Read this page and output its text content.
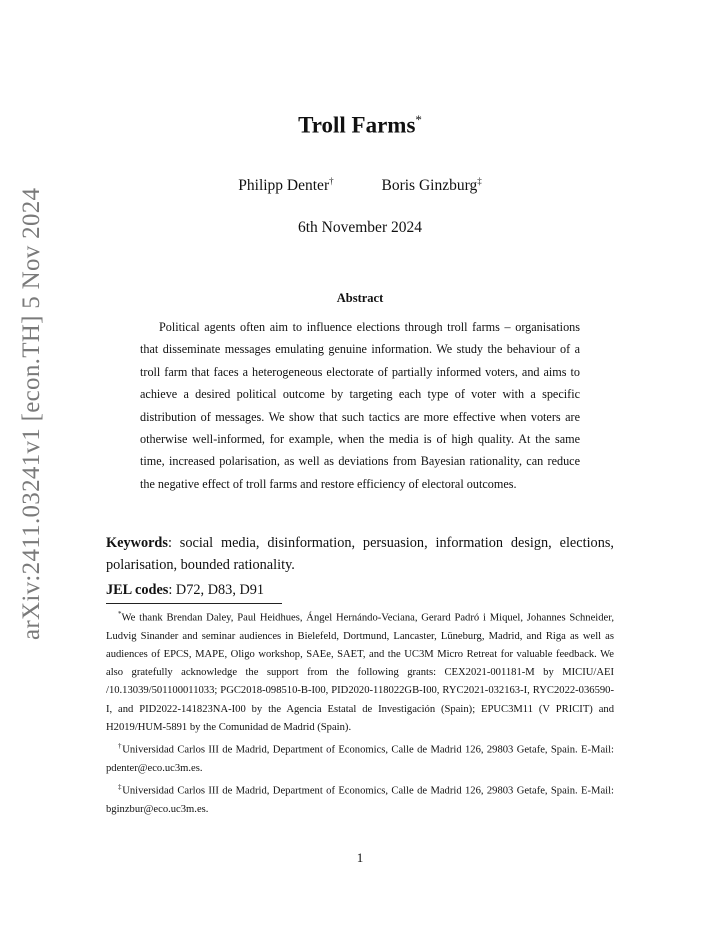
arXiv:2411.03241v1 [econ.TH] 5 Nov 2024
Troll Farms*
Philipp Denter†	Boris Ginzburg‡
6th November 2024
Abstract
Political agents often aim to influence elections through troll farms – organisations that disseminate messages emulating genuine information. We study the behaviour of a troll farm that faces a heterogeneous electorate of partially informed voters, and aims to achieve a desired political outcome by targeting each type of voter with a specific distribution of messages. We show that such tactics are more effective when voters are otherwise well-informed, for example, when the media is of high quality. At the same time, increased polarisation, as well as deviations from Bayesian rationality, can reduce the negative effect of troll farms and restore efficiency of electoral outcomes.
Keywords: social media, disinformation, persuasion, information design, elections, polarisation, bounded rationality.
JEL codes: D72, D83, D91

*We thank Brendan Daley, Paul Heidhues, Ángel Hernándo-Veciana, Gerard Padró i Miquel, Johannes Schneider, Ludvig Sinander and seminar audiences in Bielefeld, Dortmund, Lancaster, Lüneburg, Madrid, and Riga as well as audiences of EPCS, MAPE, Oligo workshop, SAEe, SAET, and the UC3M Micro Retreat for valuable feedback. We also gratefully acknowledge the support from the following grants: CEX2021-001181-M by MICIU/AEI /10.13039/501100011033; PGC2018-098510-B-I00, PID2020-118022GB-I00, RYC2021-032163-I, RYC2022-036590-I, and PID2022-141823NA-I00 by the Agencia Estatal de Investigación (Spain); EPUC3M11 (V PRICIT) and H2019/HUM-5891 by the Comunidad de Madrid (Spain).

†Universidad Carlos III de Madrid, Department of Economics, Calle de Madrid 126, 29803 Getafe, Spain. E-Mail: pdenter@eco.uc3m.es.

‡Universidad Carlos III de Madrid, Department of Economics, Calle de Madrid 126, 29803 Getafe, Spain. E-Mail: bginzbur@eco.uc3m.es.

1
